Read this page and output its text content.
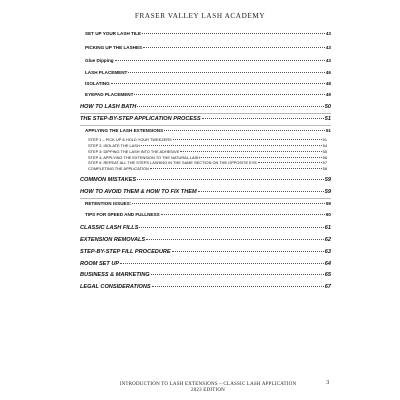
FRASER VALLEY LASH ACADEMY
SET UP YOUR LASH TILE	43
PICKING UP THE LASHES	43
Glue Dipping	43
LASH PLACEMENT	46
ISOLATING	48
EYEPAD PLACEMENT	49
HOW TO LASH BATH	50
THE STEP-BY-STEP APPLICATION PROCESS	51
APPLYING THE LASH EXTENSIONS	51
STEP 1 – PICK UP & HOLD YOUR TWEEZERS	51
STEP 2: ISOLATE THE LASH	54
STEP 3: DIPPING THE LASH INTO THE ADHESIVE	55
STEP 4: APPLYING THE EXTENSION TO THE NATURAL LASH	56
STEP 5: REPEAT ALL THE STEPS LASHING IN THE SAME SECTION ON THE OPPOSITE EYE	57
COMPLETING THE APPLICATION	58
COMMON MISTAKES	59
HOW TO AVOID THEM & HOW TO FIX THEM	59
RETENTION ISSUES:	59
TIPS FOR SPEED AND FULLNESS	60
CLASSIC LASH FILLS	61
EXTENSION REMOVALS	62
STEP-BY-STEP FILL PROCEDURE	63
ROOM SET UP	64
BUSINESS & MARKETING	65
LEGAL CONSIDERATIONS	67
INTRODUCTION TO LASH EXTENSIONS – CLASSIC LASH APPLICATION
2023 EDITION
3
